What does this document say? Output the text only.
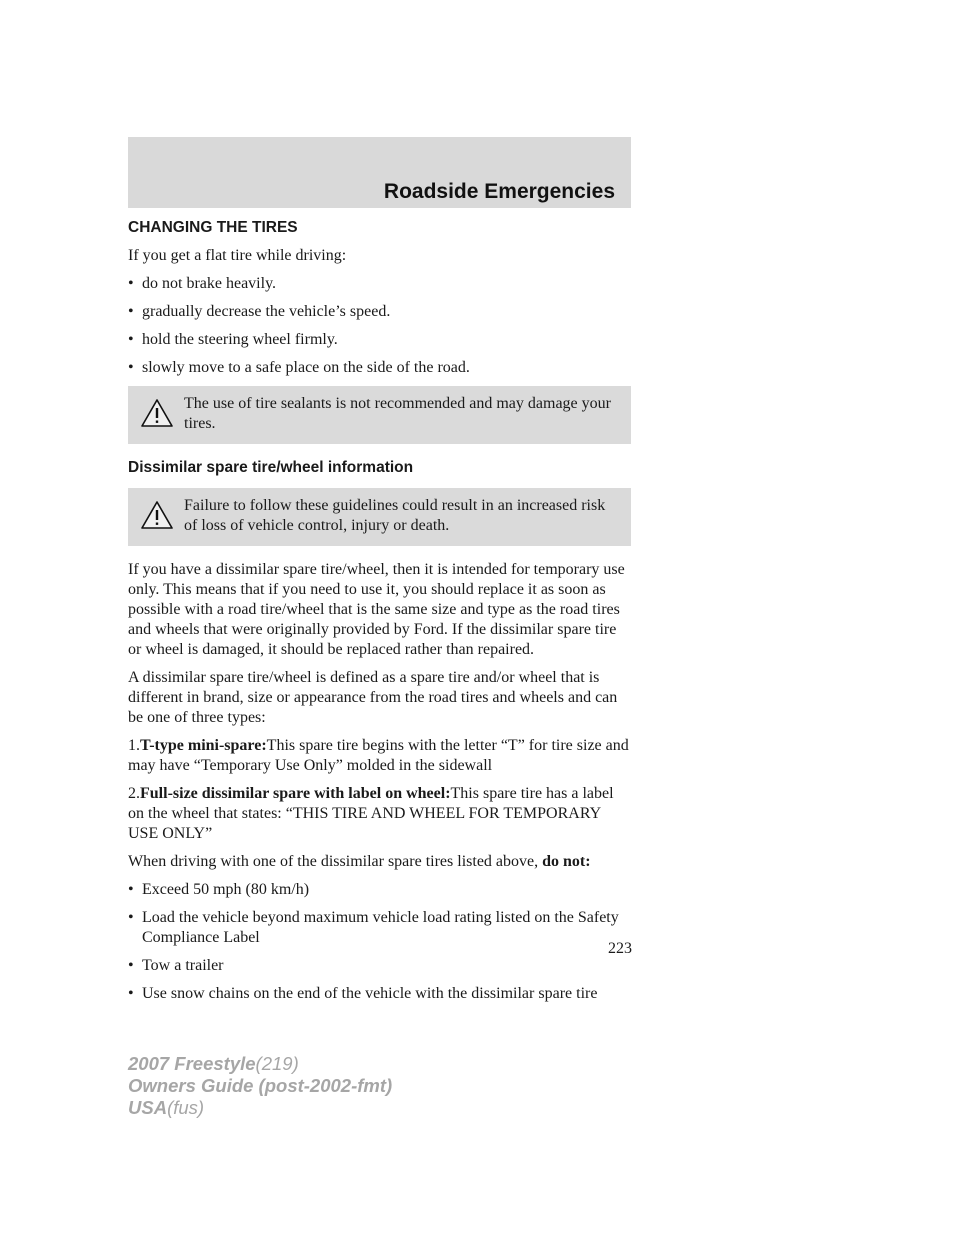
Roadside Emergencies
CHANGING THE TIRES
If you get a flat tire while driving:
• do not brake heavily.
• gradually decrease the vehicle’s speed.
• hold the steering wheel firmly.
• slowly move to a safe place on the side of the road.
The use of tire sealants is not recommended and may damage your tires.
Dissimilar spare tire/wheel information
Failure to follow these guidelines could result in an increased risk of loss of vehicle control, injury or death.
If you have a dissimilar spare tire/wheel, then it is intended for temporary use only. This means that if you need to use it, you should replace it as soon as possible with a road tire/wheel that is the same size and type as the road tires and wheels that were originally provided by Ford. If the dissimilar spare tire or wheel is damaged, it should be replaced rather than repaired.
A dissimilar spare tire/wheel is defined as a spare tire and/or wheel that is different in brand, size or appearance from the road tires and wheels and can be one of three types:
1.T-type mini-spare:This spare tire begins with the letter “T” for tire size and may have “Temporary Use Only” molded in the sidewall
2.Full-size dissimilar spare with label on wheel:This spare tire has a label on the wheel that states: “THIS TIRE AND WHEEL FOR TEMPORARY USE ONLY”
When driving with one of the dissimilar spare tires listed above, do not:
• Exceed 50 mph (80 km/h)
• Load the vehicle beyond maximum vehicle load rating listed on the Safety Compliance Label
• Tow a trailer
• Use snow chains on the end of the vehicle with the dissimilar spare tire
223
2007 Freestyle(219)
Owners Guide (post-2002-fmt)
USA(fus)
